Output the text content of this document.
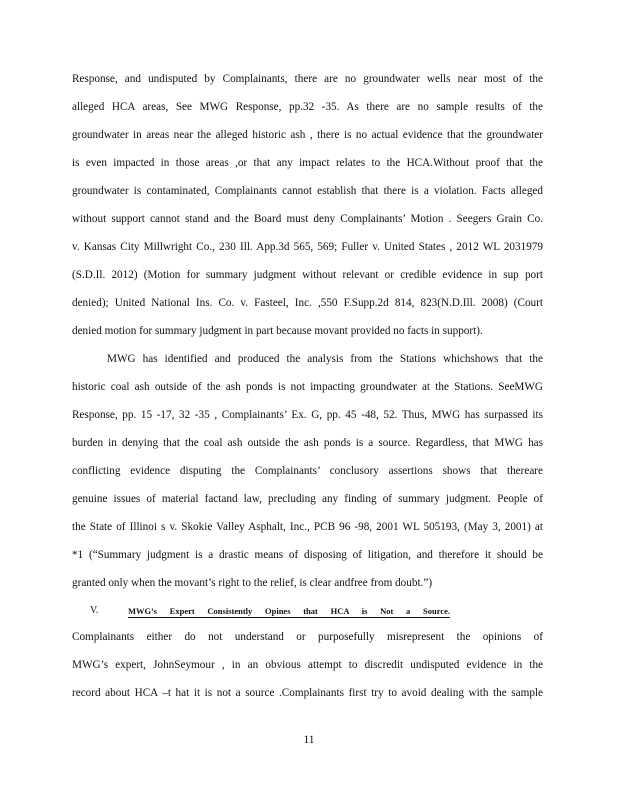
Response, and undisputed by Complainants, there are no groundwater wells near most of the
alleged HCA areas, See MWG Response, pp.32 -35. As there are no sample results of the
groundwater in areas near the alleged historic ash , there is no actual evidence that the groundwater
is even impacted in those areas ,or that any impact relates to the HCA.Without proof that the
groundwater is contaminated, Complainants cannot establish that there is a violation. Facts alleged
without support cannot stand and the Board must deny Complainants’ Motion . Seegers Grain Co.
v. Kansas City Millwright Co., 230 Ill. App.3d 565, 569; Fuller v. United States , 2012 WL 2031979
(S.D.Il. 2012) (Motion for summary judgment without relevant or credible evidence in sup port
denied); United National Ins. Co. v. Fasteel, Inc. ,550 F.Supp.2d 814, 823(N.D.Ill. 2008) (Court
denied motion for summary judgment in part because movant provided no facts in support).
MWG has identified and produced the analysis from the Stations whichshows that the
historic coal ash outside of the ash ponds is not impacting groundwater at the Stations. SeeMWG
Response, pp. 15 -17, 32 -35 , Complainants’ Ex. G, pp. 45 -48, 52. Thus, MWG has surpassed its
burden in denying that the coal ash outside the ash ponds is a source. Regardless, that MWG has
conflicting evidence disputing the Complainants’ conclusory assertions shows that thereare
genuine issues of material factand law, precluding any finding of summary judgment. People of
the State of Illinoi s v. Skokie Valley Asphalt, Inc., PCB 96 -98, 2001 WL 505193, (May 3, 2001) at
*1 (“Summary judgment is a drastic means of disposing of litigation, and therefore it should be
granted only when the movant’s right to the relief, is clear andfree from doubt.”)
V.	MWG’s Expert Consistently Opines that HCA is Not a Source.
Complainants either do not understand or purposefully misrepresent the opinions of
MWG’s expert, JohnSeymour , in an obvious attempt to discredit undisputed evidence in the
record about HCA –t hat it is not a source .Complainants first try to avoid dealing with the sample
11
